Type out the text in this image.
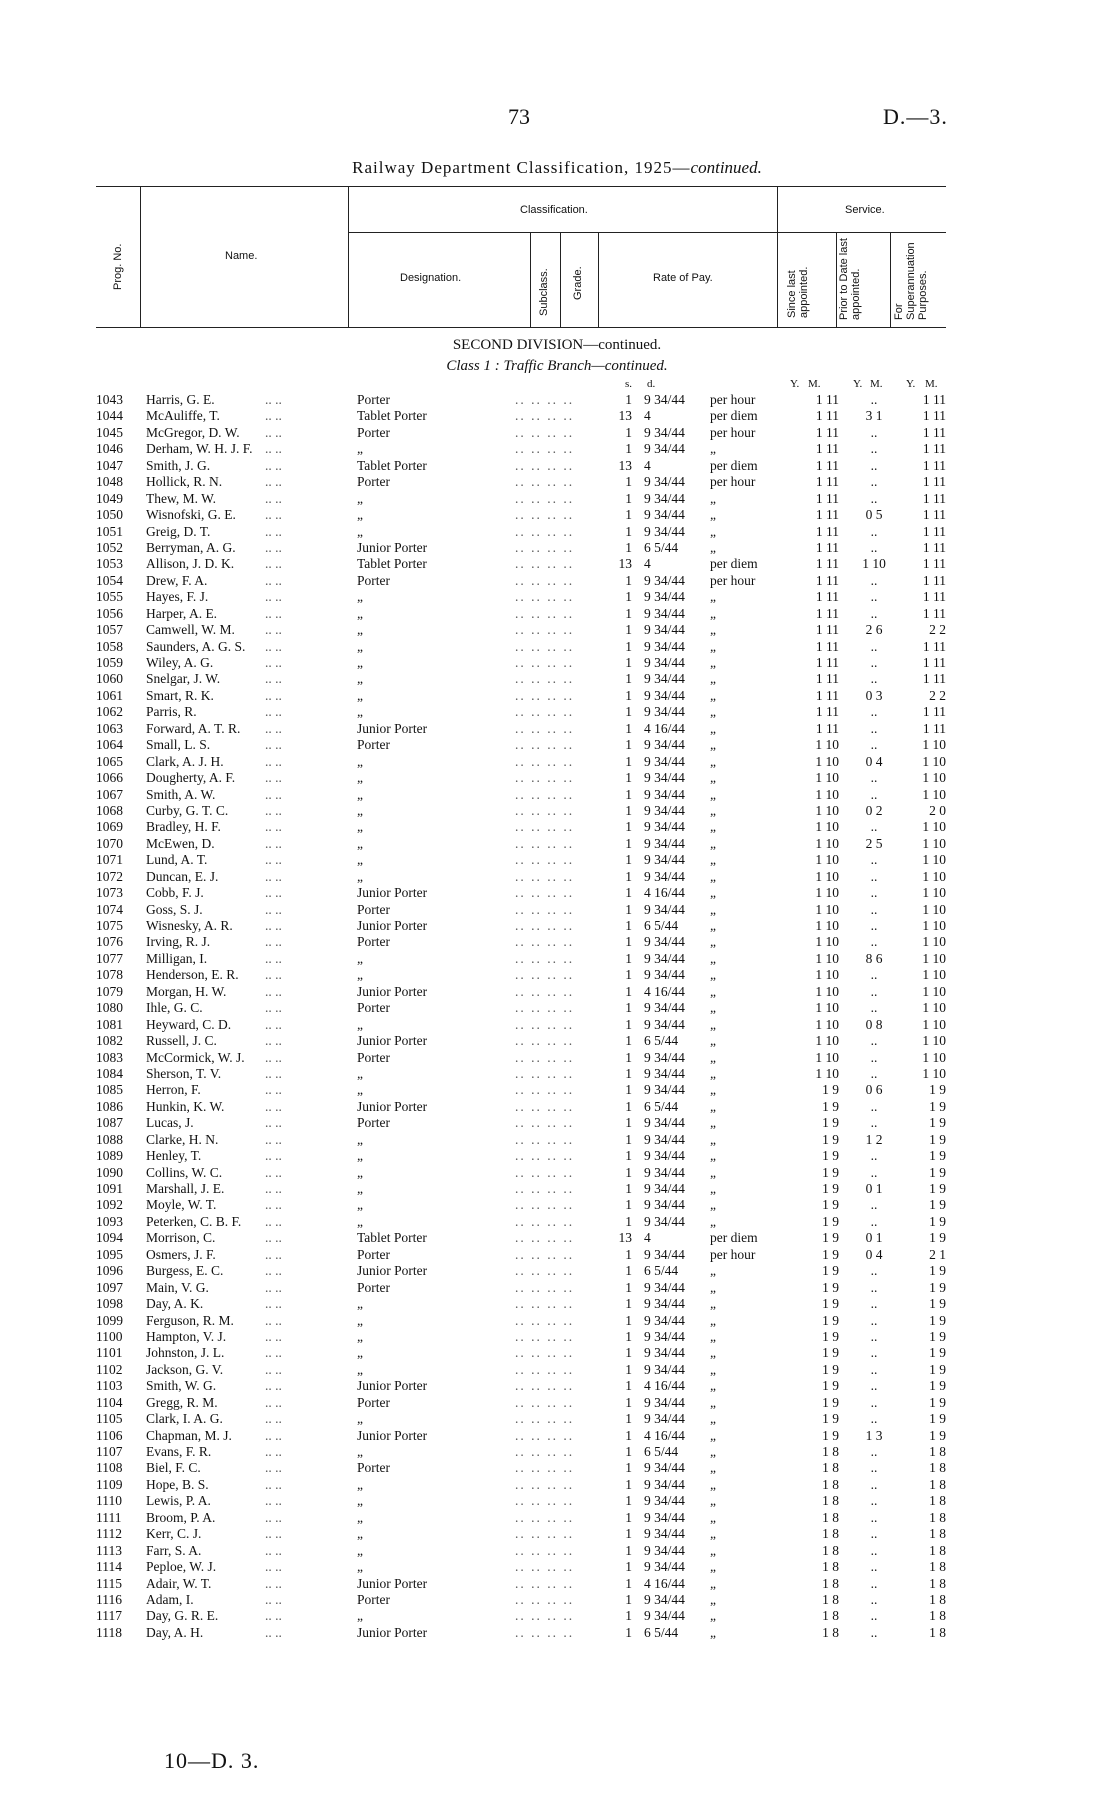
73	D.—3.
Railway Department Classification, 1925—continued.
Prog. No.	Name.
Classification.	Service.
Designation.	Subclass. Grade.	Rate of Pay.	Since last appointed.	Prior to Date last appointed.	For Superannuation Purposes.
SECOND DIVISION—continued.
Class 1 : Traffic Branch—continued.
s. d.	Y. M.	Y. M. Y. M.
1043	Harris, G. E.	.. ..	Porter	.. .. .. ..	1 9 34/44 per hour	1 11	..	1 11
1044	McAuliffe, T.	.. ..	Tablet Porter	.. .. .. ..	13 4	per diem	1 11	3 1	1 11
1045	McGregor, D. W. .. ..	Porter	.. .. .. ..	1 9 34/44 per hour	1 11	..	1 11
1046	Derham, W. H. J. F. .. ..	„	.. .. .. ..	1 9 34/44 „	1 11	..	1 11
1047	Smith, J. G.	.. ..	Tablet Porter	.. .. .. ..	13 4	per diem	1 11	..	1 11
1048	Hollick, R. N.	.. ..	Porter	.. .. .. ..	1 9 34/44 per hour	1 11	..	1 11
1049	Thew, M. W.	.. ..	„	.. .. .. ..	1 9 34/44 „	1 11	..	1 11
1050	Wisnofski, G. E. .. ..	„	.. .. .. ..	1 9 34/44 „	1 11	0 5	1 11
1051	Greig, D. T.	.. ..	„	.. .. .. ..	1 9 34/44 „	1 11	..	1 11
1052	Berryman, A. G. .. ..	Junior Porter	.. .. .. ..	1 6 5/44 „	1 11	..	1 11
1053	Allison, J. D. K. .. ..	Tablet Porter	.. .. .. ..	13 4	per diem	1 11	1 10	1 11
1054	Drew, F. A.	.. ..	Porter	.. .. .. ..	1 9 34/44 per hour	1 11	..	1 11
1055	Hayes, F. J.	.. ..	„	.. .. .. ..	1 9 34/44 „	1 11	..	1 11
1056	Harper, A. E.	.. ..	„	.. .. .. ..	1 9 34/44 „	1 11	..	1 11
1057	Camwell, W. M. .. ..	„	.. .. .. ..	1 9 34/44 „	1 11	2 6	2 2
1058	Saunders, A. G. S. .. ..	„	.. .. .. ..	1 9 34/44 „	1 11	..	1 11
1059	Wiley, A. G.	.. ..	„	.. .. .. ..	1 9 34/44 „	1 11	..	1 11
1060	Snelgar, J. W.	.. ..	„	.. .. .. ..	1 9 34/44 „	1 11	..	1 11
1061	Smart, R. K.	.. ..	„	.. .. .. ..	1 9 34/44 „	1 11	0 3	2 2
1062	Parris, R.	.. ..	„	.. .. .. ..	1 9 34/44 „	1 11	..	1 11
1063	Forward, A. T. R. .. ..	Junior Porter	.. .. .. ..	1 4 16/44 „	1 11	..	1 11
1064	Small, L. S.	.. ..	Porter	.. .. .. ..	1 9 34/44 „	1 10	..	1 10
1065	Clark, A. J. H.	.. ..	„	.. .. .. ..	1 9 34/44 „	1 10	0 4	1 10
1066	Dougherty, A. F. .. ..	„	.. .. .. ..	1 9 34/44 „	1 10	..	1 10
1067	Smith, A. W.	.. ..	„	.. .. .. ..	1 9 34/44 „	1 10	..	1 10
1068	Curby, G. T. C.	.. ..	„	.. .. .. ..	1 9 34/44 „	1 10	0 2	2 0
1069	Bradley, H. F.	.. ..	„	.. .. .. ..	1 9 34/44 „	1 10	..	1 10
1070	McEwen, D.	.. ..	„	.. .. .. ..	1 9 34/44 „	1 10	2 5	1 10
1071	Lund, A. T.	.. ..	„	.. .. .. ..	1 9 34/44 „	1 10	..	1 10
1072	Duncan, E. J.	.. ..	„	.. .. .. ..	1 9 34/44 „	1 10	..	1 10
1073	Cobb, F. J.	.. ..	Junior Porter	.. .. .. ..	1 4 16/44 „	1 10	..	1 10
1074	Goss, S. J.	.. ..	Porter	.. .. .. ..	1 9 34/44 „	1 10	..	1 10
1075	Wisnesky, A. R. .. ..	Junior Porter	.. .. .. ..	1 6 5/44 „	1 10	..	1 10
1076	Irving, R. J.	.. ..	Porter	.. .. .. ..	1 9 34/44 „	1 10	..	1 10
1077	Milligan, I.	.. ..	„	.. .. .. ..	1 9 34/44 „	1 10	8 6	1 10
1078	Henderson, E. R. .. ..	„	.. .. .. ..	1 9 34/44 „	1 10	..	1 10
1079	Morgan, H. W.	.. ..	Junior Porter	.. .. .. ..	1 4 16/44 „	1 10	..	1 10
1080	Ihle, G. C.	.. ..	Porter	.. .. .. ..	1 9 34/44 „	1 10	..	1 10
1081	Heyward, C. D.	.. ..	„	.. .. .. ..	1 9 34/44 „	1 10	0 8	1 10
1082	Russell, J. C.	.. ..	Junior Porter	.. .. .. ..	1 6 5/44 „	1 10	..	1 10
1083	McCormick, W. J. .. ..	Porter	.. .. .. ..	1 9 34/44 „	1 10	..	1 10
1084	Sherson, T. V.	.. ..	„	.. .. .. ..	1 9 34/44 „	1 10	..	1 10
1085	Herron, F.	.. ..	„	.. .. .. ..	1 9 34/44 „	1 9	0 6	1 9
1086	Hunkin, K. W.	.. ..	Junior Porter	.. .. .. ..	1 6 5/44 „	1 9	..	1 9
1087	Lucas, J.	.. ..	Porter	.. .. .. ..	1 9 34/44 „	1 9	..	1 9
1088	Clarke, H. N.	.. ..	„	.. .. .. ..	1 9 34/44 „	1 9	1 2	1 9
1089	Henley, T.	.. ..	„	.. .. .. ..	1 9 34/44 „	1 9	..	1 9
1090	Collins, W. C.	.. ..	„	.. .. .. ..	1 9 34/44 „	1 9	..	1 9
1091	Marshall, J. E.	.. ..	„	.. .. .. ..	1 9 34/44 „	1 9	0 1	1 9
1092	Moyle, W. T.	.. ..	„	.. .. .. ..	1 9 34/44 „	1 9	..	1 9
1093	Peterken, C. B. F. .. ..	„	.. .. .. ..	1 9 34/44 „	1 9	..	1 9
1094	Morrison, C.	.. ..	Tablet Porter	.. .. .. ..	13 4	per diem	1 9	0 1	1 9
1095	Osmers, J. F.	.. ..	Porter	.. .. .. ..	1 9 34/44 per hour	1 9	0 4	2 1
1096	Burgess, E. C.	.. ..	Junior Porter	.. .. .. ..	1 6 5/44 „	1 9	..	1 9
1097	Main, V. G.	.. ..	Porter	.. .. .. ..	1 9 34/44 „	1 9	..	1 9
1098	Day, A. K.	.. ..	„	.. .. .. ..	1 9 34/44 „	1 9	..	1 9
1099	Ferguson, R. M. .. ..	„	.. .. .. ..	1 9 34/44 „	1 9	..	1 9
1100	Hampton, V. J.	.. ..	„	.. .. .. ..	1 9 34/44 „	1 9	..	1 9
1101	Johnston, J. L.	.. ..	„	.. .. .. ..	1 9 34/44 „	1 9	..	1 9
1102	Jackson, G. V.	.. ..	„	.. .. .. ..	1 9 34/44 „	1 9	..	1 9
1103	Smith, W. G.	.. ..	Junior Porter	.. .. .. ..	1 4 16/44 „	1 9	..	1 9
1104	Gregg, R. M.	.. ..	Porter	.. .. .. ..	1 9 34/44 „	1 9	..	1 9
1105	Clark, I. A. G.	.. ..	„	.. .. .. ..	1 9 34/44 „	1 9	..	1 9
1106	Chapman, M. J. .. ..	Junior Porter	.. .. .. ..	1 4 16/44 „	1 9	1 3	1 9
1107	Evans, F. R.	.. ..	„	.. .. .. ..	1 6 5/44 „	1 8	..	1 8
1108	Biel, F. C.	.. ..	Porter	.. .. .. ..	1 9 34/44 „	1 8	..	1 8
1109	Hope, B. S.	.. ..	„	.. .. .. ..	1 9 34/44 „	1 8	..	1 8
1110	Lewis, P. A.	.. ..	„	.. .. .. ..	1 9 34/44 „	1 8	..	1 8
1111	Broom, P. A.	.. ..	„	.. .. .. ..	1 9 34/44 „	1 8	..	1 8
1112	Kerr, C. J.	.. ..	„	.. .. .. ..	1 9 34/44 „	1 8	..	1 8
1113	Farr, S. A.	.. ..	„	.. .. .. ..	1 9 34/44 „	1 8	..	1 8
1114	Peploe, W. J.	.. ..	„	.. .. .. ..	1 9 34/44 „	1 8	..	1 8
1115	Adair, W. T.	.. ..	Junior Porter	.. .. .. ..	1 4 16/44 „	1 8	..	1 8
1116	Adam, I.	.. ..	Porter	.. .. .. ..	1 9 34/44 „	1 8	..	1 8
1117	Day, G. R. E.	.. ..	„	.. .. .. ..	1 9 34/44 „	1 8	..	1 8
1118	Day, A. H.	.. ..	Junior Porter	.. .. .. ..	1 6 5/44 „	1 8	..	1 8
10—D. 3.
